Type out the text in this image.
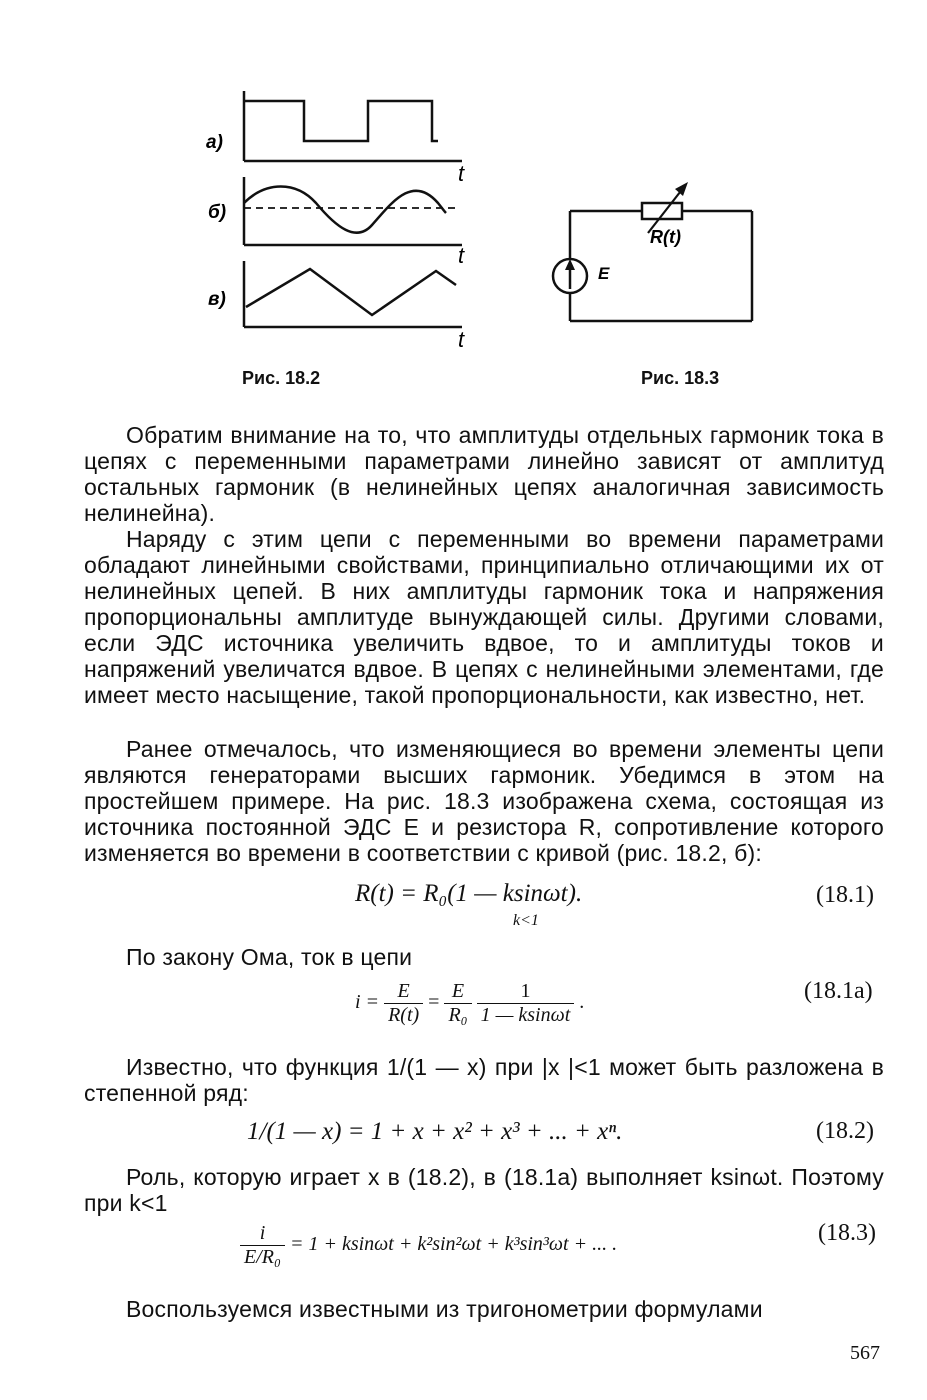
а)
t
б)
t
в)
t
Рис. 18.2
E
R(t)
Рис. 18.3

Обратим внимание на то, что амплитуды отдельных гармоник тока в цепях с переменными параметрами линейно зависят от амплитуд остальных гармоник (в нелинейных цепях аналогичная зависимость нелинейна).

Наряду с этим цепи с переменными во времени параметрами обладают линейными свойствами, принципиально отличающими их от нелинейных цепей. В них амплитуды гармоник тока и напряжения пропорциональны амплитуде вынуждающей силы. Другими словами, если ЭДС источника увеличить вдвое, то и амплитуды токов и напряжений увеличатся вдвое. В цепях с нелинейными элементами, где имеет место насыщение, такой пропорциональности, как известно, нет.

Ранее отмечалось, что изменяющиеся во времени элементы цепи являются генераторами высших гармоник. Убедимся в этом на простейшем примере. На рис. 18.3 изображена схема, состоящая из источника постоянной ЭДС E и резистора R, сопротивление которого изменяется во времени в соответствии с кривой (рис. 18.2, б):

R(t) = R₀(1 — ksinωt).
k<1
(18.1)

По закону Ома, ток в цепи

$i = \frac{E}{R(t)} = \frac{E}{\text{R₀}}$
$\frac{1}{1 — ksin\omega t}$ .	(18.1а)

Известно, что функция 1/(1 — x) при |x |<1 может быть разложена в степенной ряд:

1/(1 — x) = 1 + x + x² + x³ + ... + xⁿ.	(18.2)

Роль, которую играет x в (18.2), в (18.1а) выполняет ksinωt. Поэтому при k<1

$\frac{i}{\text{E/R₀}} = 1 + ksin\omega t + k^2\sin^2\omega t + k^3\sin^3\omega t$ + ... .	(18.3)

Воспользуемся известными из тригонометрии формулами

567
